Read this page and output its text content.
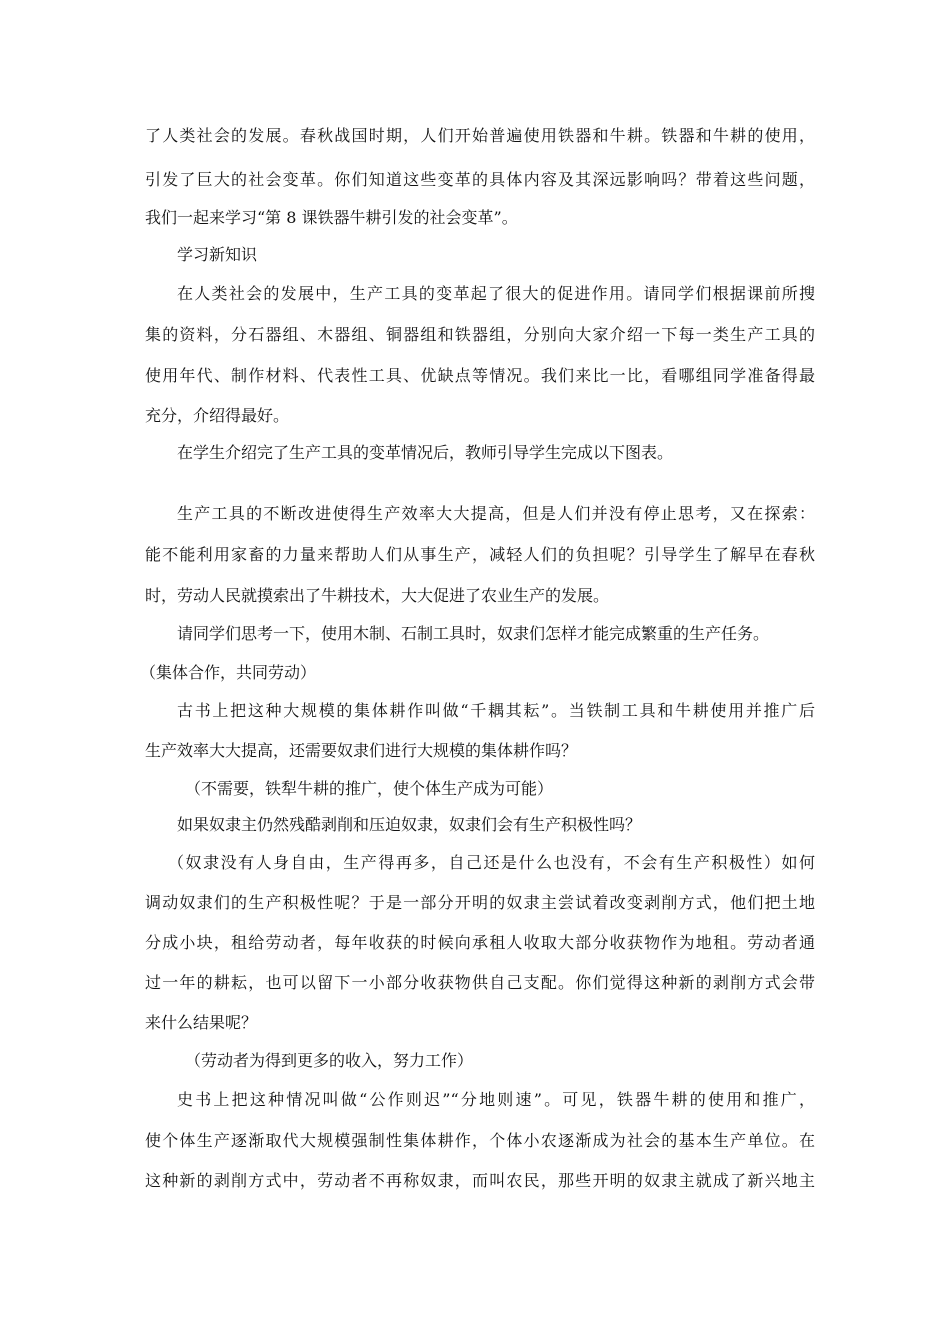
了人类社会的发展。春秋战国时期，人们开始普遍使用铁器和牛耕。铁器和牛耕的使用，
引发了巨大的社会变革。你们知道这些变革的具体内容及其深远影响吗？带着这些问题，
我们一起来学习“第 8 课铁器牛耕引发的社会变革”。
学习新知识
在人类社会的发展中，生产工具的变革起了很大的促进作用。请同学们根据课前所搜
集的资料，分石器组、木器组、铜器组和铁器组，分别向大家介绍一下每一类生产工具的
使用年代、制作材料、代表性工具、优缺点等情况。我们来比一比，看哪组同学准备得最
充分，介绍得最好。
在学生介绍完了生产工具的变革情况后，教师引导学生完成以下图表。
生产工具的不断改进使得生产效率大大提高，但是人们并没有停止思考，又在探索：
能不能利用家畜的力量来帮助人们从事生产，减轻人们的负担呢？引导学生了解早在春秋
时，劳动人民就摸索出了牛耕技术，大大促进了农业生产的发展。
请同学们思考一下，使用木制、石制工具时，奴隶们怎样才能完成繁重的生产任务。
（集体合作，共同劳动）
古书上把这种大规模的集体耕作叫做“千耦其耘”。当铁制工具和牛耕使用并推广后
生产效率大大提高，还需要奴隶们进行大规模的集体耕作吗？
（不需要，铁犁牛耕的推广，使个体生产成为可能）
如果奴隶主仍然残酷剥削和压迫奴隶，奴隶们会有生产积极性吗？
（奴隶没有人身自由，生产得再多，自己还是什么也没有，不会有生产积极性）如何
调动奴隶们的生产积极性呢？于是一部分开明的奴隶主尝试着改变剥削方式，他们把土地
分成小块，租给劳动者，每年收获的时候向承租人收取大部分收获物作为地租。劳动者通
过一年的耕耘，也可以留下一小部分收获物供自己支配。你们觉得这种新的剥削方式会带
来什么结果呢？
（劳动者为得到更多的收入，努力工作）
史书上把这种情况叫做“公作则迟”“分地则速”。可见，铁器牛耕的使用和推广，
使个体生产逐渐取代大规模强制性集体耕作，个体小农逐渐成为社会的基本生产单位。在
这种新的剥削方式中，劳动者不再称奴隶，而叫农民，那些开明的奴隶主就成了新兴地主
